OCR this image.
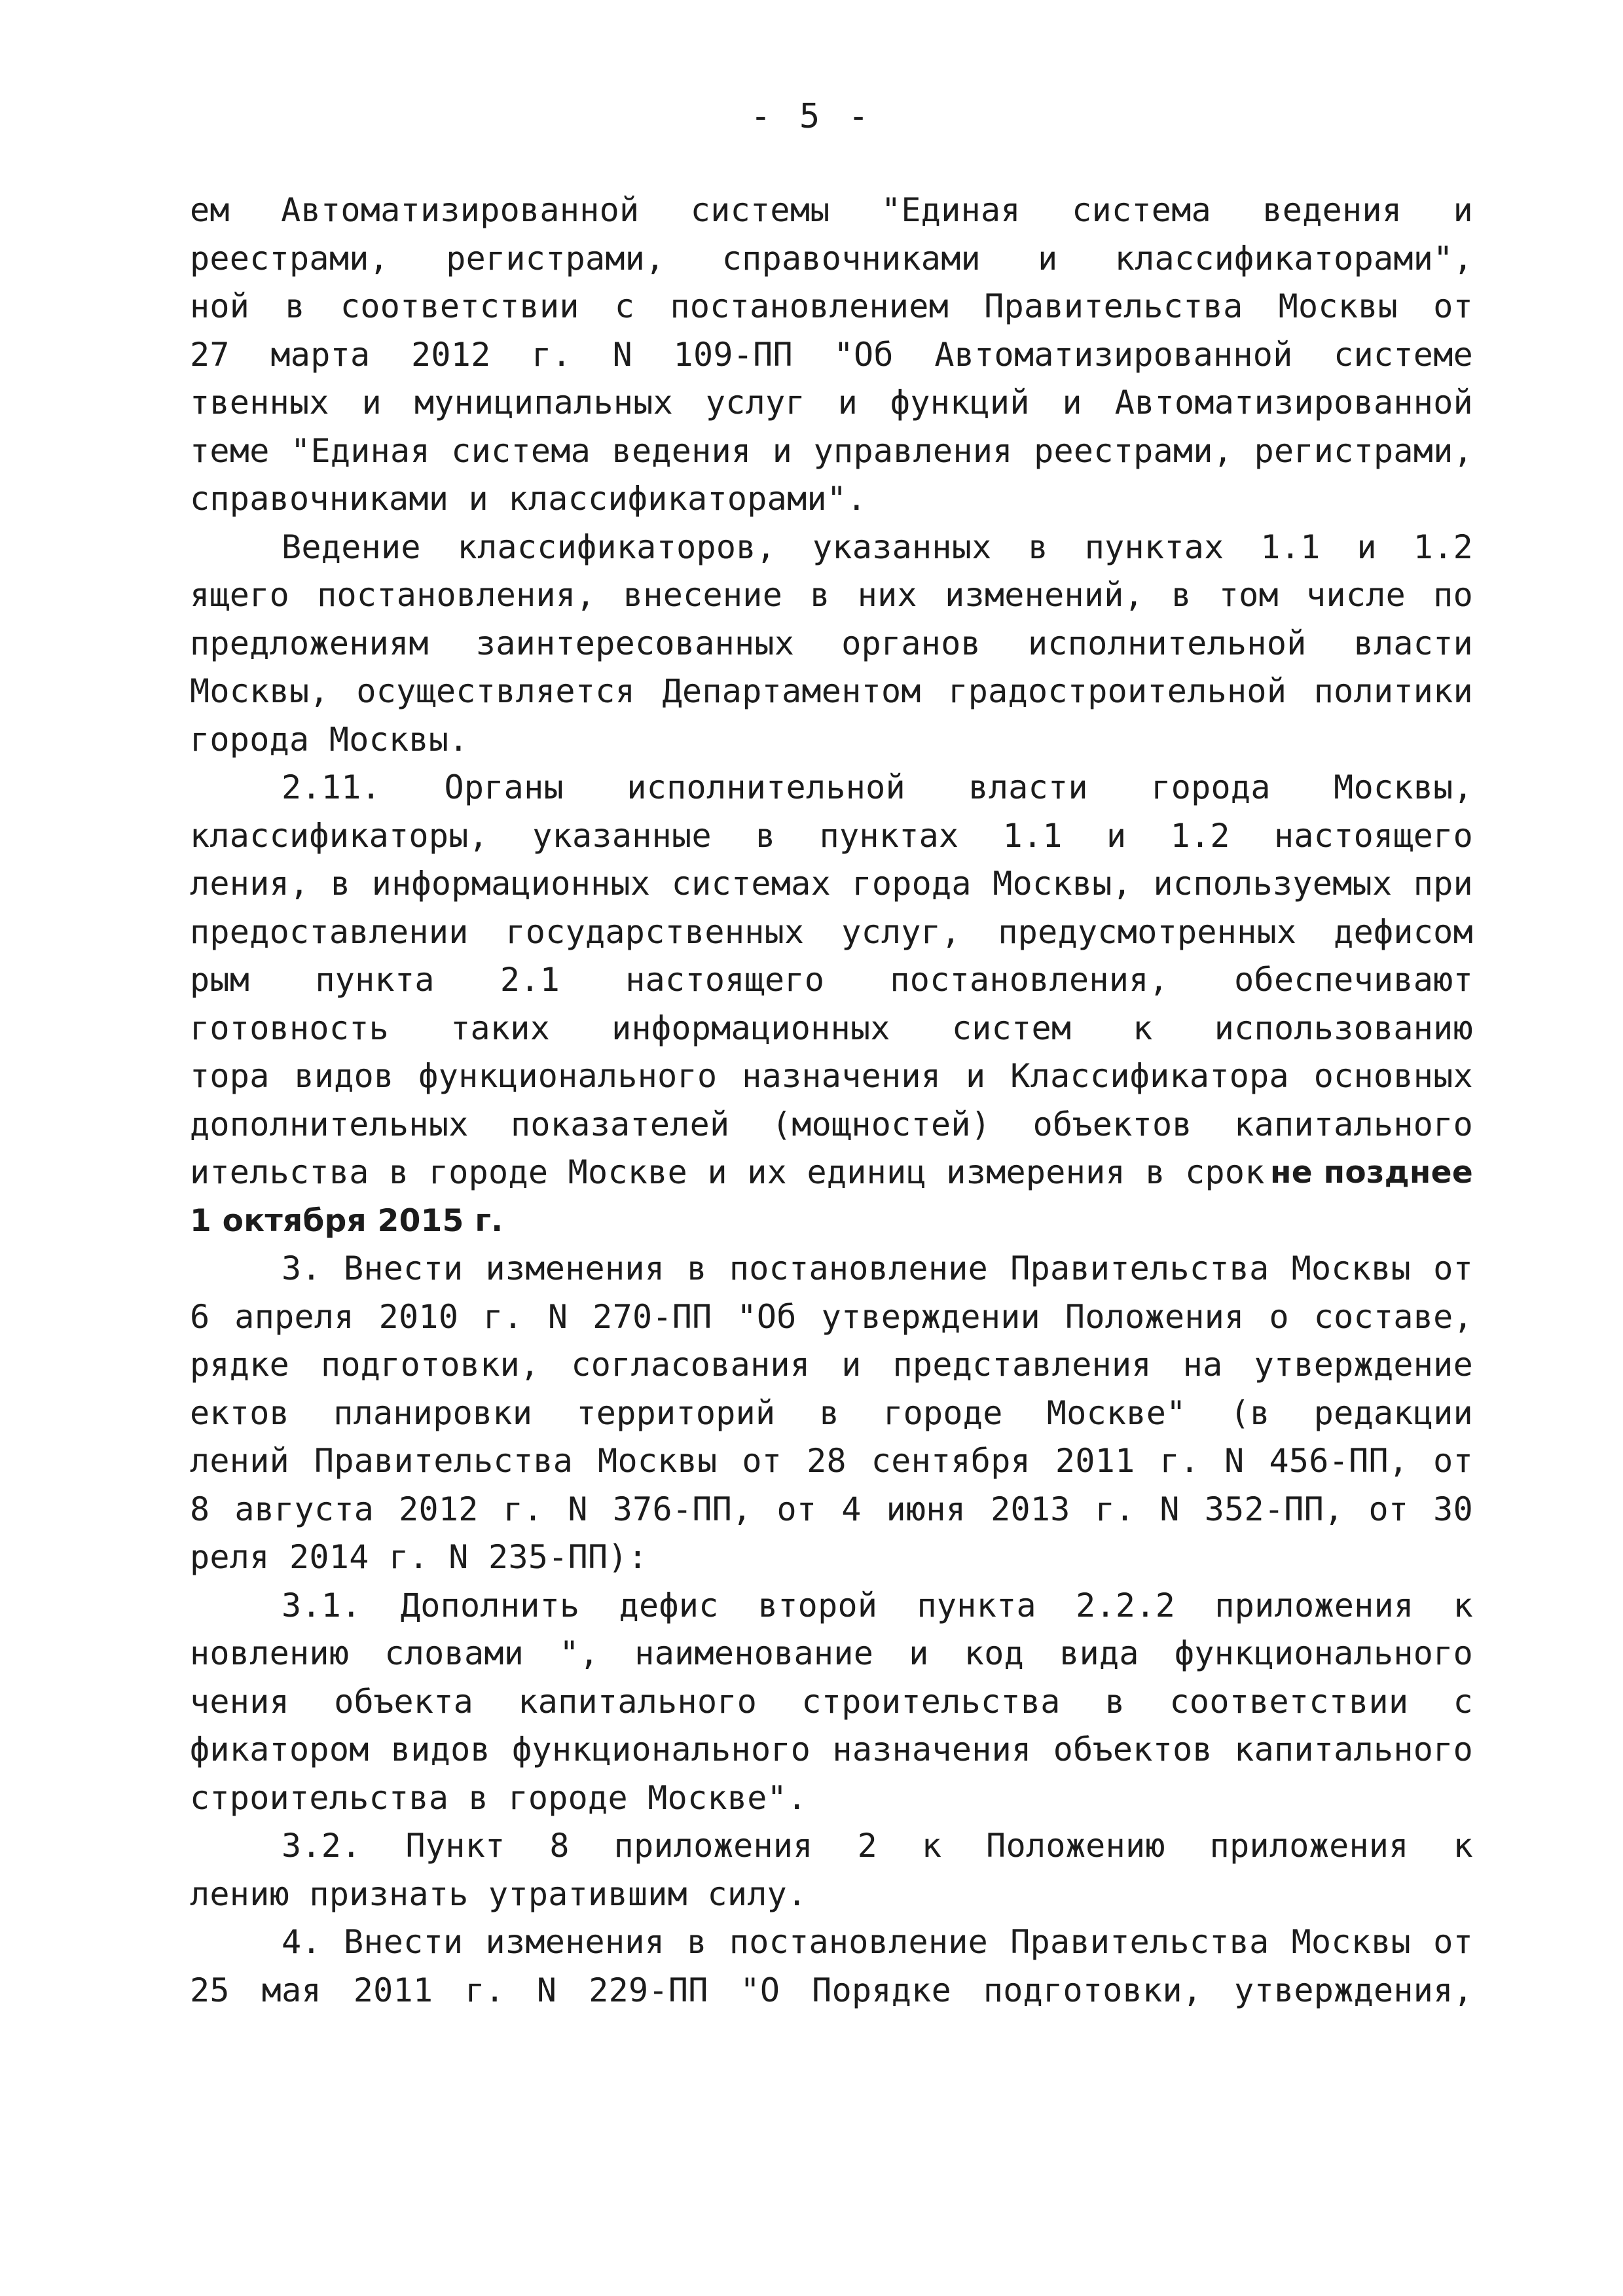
- 5 -
ем Автоматизированной системы "Единая система ведения и
реестрами, регистрами, справочниками и классификаторами",
ной в соответствии с постановлением Правительства Москвы от
27 марта 2012 г. N 109-ПП "Об Автоматизированной системе
твенных и муниципальных услуг и функций и Автоматизированной
теме "Единая система ведения и управления реестрами, регистрами,
справочниками и классификаторами".
Ведение классификаторов, указанных в пунктах 1.1 и 1.2
ящего постановления, внесение в них изменений, в том числе по
предложениям заинтересованных органов исполнительной власти
Москвы, осуществляется Департаментом градостроительной политики
города Москвы.
2.11. Органы исполнительной власти города Москвы,
классификаторы, указанные в пунктах 1.1 и 1.2 настоящего
ления, в информационных системах города Москвы, используемых при
предоставлении государственных услуг, предусмотренных дефисом
рым пункта 2.1 настоящего постановления, обеспечивают
готовность таких информационных систем к использованию
тора видов функционального назначения и Классификатора основных
дополнительных показателей (мощностей) объектов капитального
ительства в городе Москве и их единиц измерения в срок не позднее
1 октября 2015 г.
3. Внести изменения в постановление Правительства Москвы от
6 апреля 2010 г. N 270-ПП "Об утверждении Положения о составе,
рядке подготовки, согласования и представления на утверждение
ектов планировки территорий в городе Москве" (в редакции
лений Правительства Москвы от 28 сентября 2011 г. N 456-ПП, от
8 августа 2012 г. N 376-ПП, от 4 июня 2013 г. N 352-ПП, от 30
реля 2014 г. N 235-ПП):
3.1. Дополнить дефис второй пункта 2.2.2 приложения к
новлению словами ", наименование и код вида функционального
чения объекта капитального строительства в соответствии с
фикатором видов функционального назначения объектов капитального
строительства в городе Москве".
3.2. Пункт 8 приложения 2 к Положению приложения к
лению признать утратившим силу.
4. Внести изменения в постановление Правительства Москвы от
25 мая 2011 г. N 229-ПП "О Порядке подготовки, утверждения,
